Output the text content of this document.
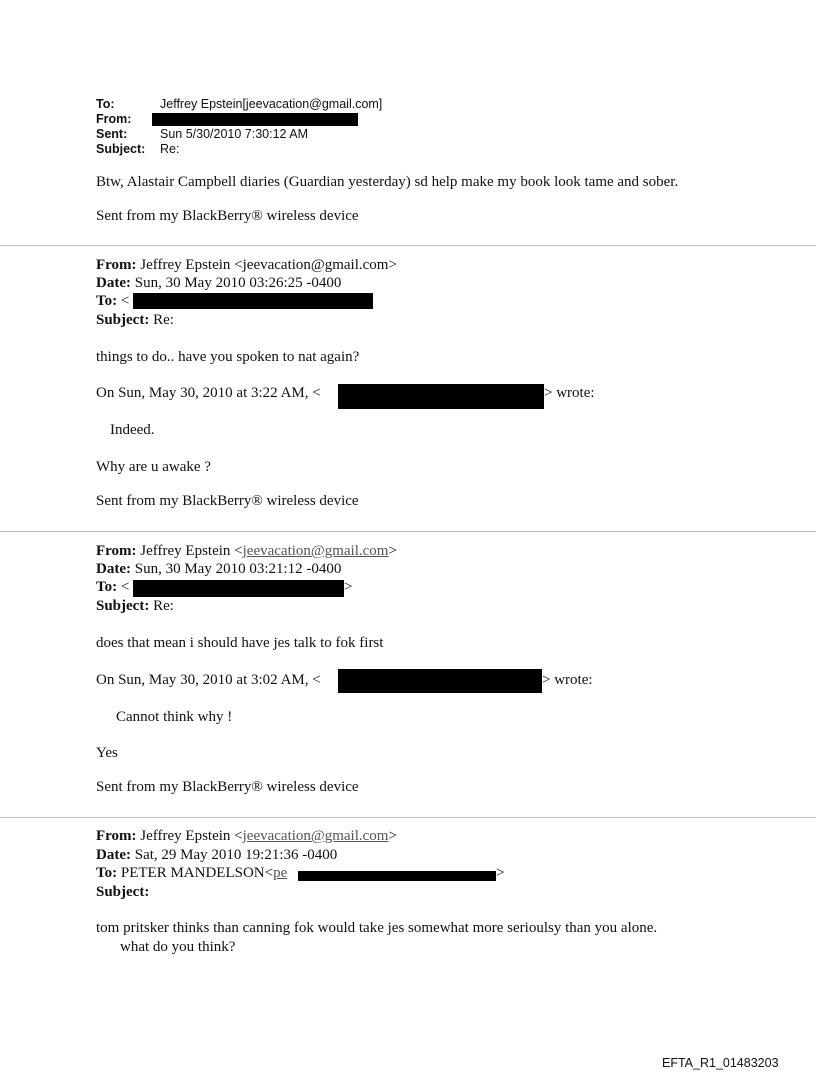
To:	Jeffrey Epstein[jeevacation@gmail.com]
From:
Sent:	Sun 5/30/2010 7:30:12 AM
Subject: Re:
Btw, Alastair Campbell diaries (Guardian yesterday) sd help make my book look tame and sober.
Sent from my BlackBerry® wireless device
From: Jeffrey Epstein <jeevacation@gmail.com>
Date: Sun, 30 May 2010 03:26:25 -0400
To: <
Subject: Re:
things to do.. have you spoken to nat again?
On Sun, May 30, 2010 at 3:22 AM, <	> wrote:
Indeed.
Why are u awake ?
Sent from my BlackBerry® wireless device
From: Jeffrey Epstein <jeevacation@gmail.com>
Date: Sun, 30 May 2010 03:21:12 -0400
To: <	>
Subject: Re:
does that mean i should have jes talk to fok first
On Sun, May 30, 2010 at 3:02 AM, <	> wrote:
Cannot think why !
Yes
Sent from my BlackBerry® wireless device
From: Jeffrey Epstein <jeevacation@gmail.com>
Date: Sat, 29 May 2010 19:21:36 -0400
To: PETER MANDELSON<pe	>
Subject:
tom pritsker thinks than canning fok would take jes somewhat more serioulsy than you alone.
what do you think?
EFTA_R1_01483203
